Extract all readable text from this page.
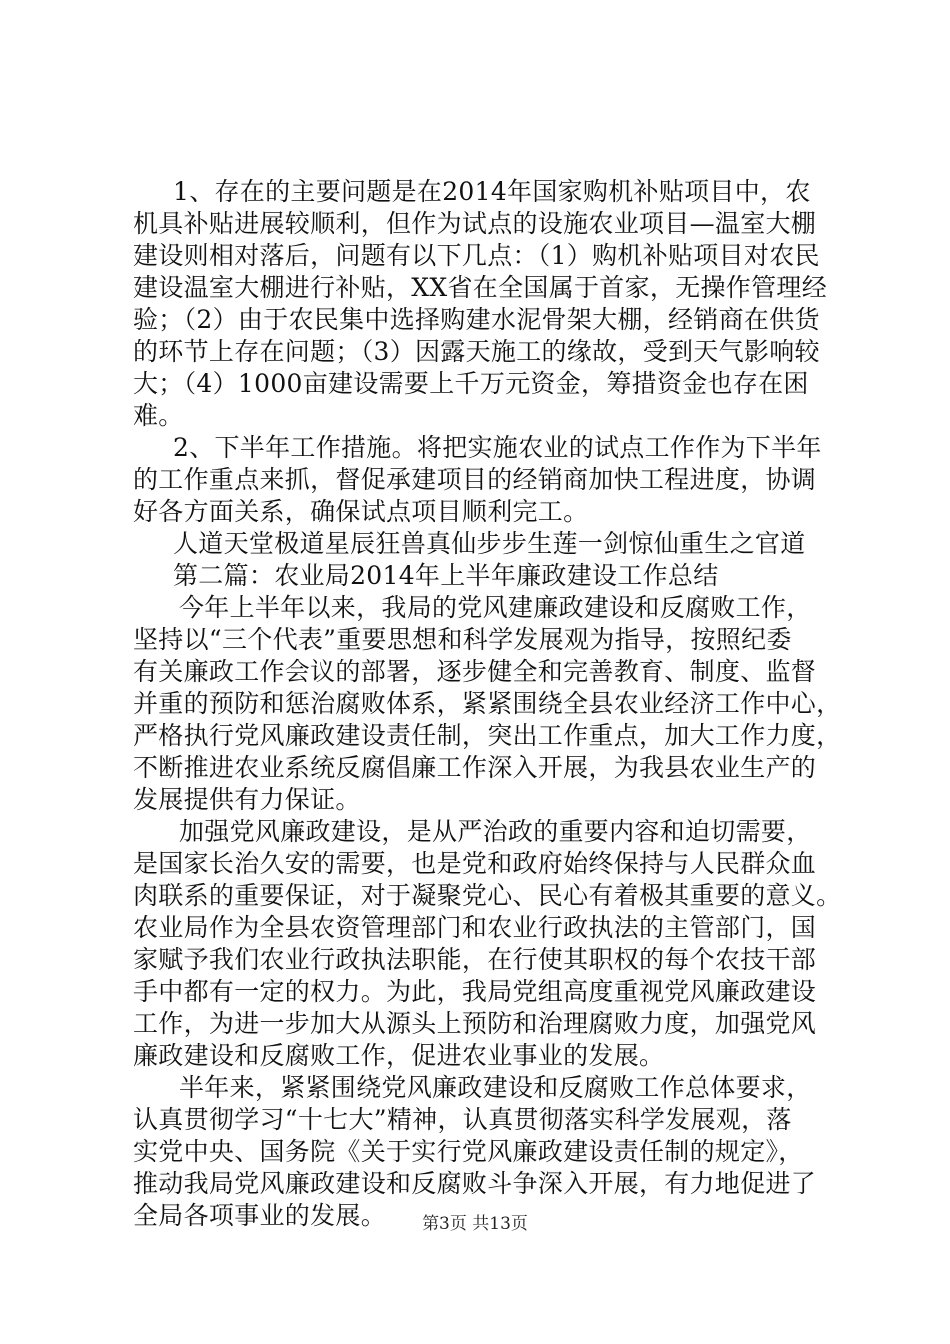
1、存在的主要问题是在2014年国家购机补贴项目中，农
机具补贴进展较顺利，但作为试点的设施农业项目—温室大棚
建设则相对落后，问题有以下几点：（1）购机补贴项目对农民
建设温室大棚进行补贴，XX省在全国属于首家，无操作管理经
验；（2）由于农民集中选择购建水泥骨架大棚，经销商在供货
的环节上存在问题；（3）因露天施工的缘故，受到天气影响较
大；（4）1000亩建设需要上千万元资金，筹措资金也存在困
难。
2、下半年工作措施。将把实施农业的试点工作作为下半年
的工作重点来抓，督促承建项目的经销商加快工程进度，协调
好各方面关系，确保试点项目顺利完工。
人道天堂极道星辰狂兽真仙步步生莲一剑惊仙重生之官道
第二篇：农业局2014年上半年廉政建设工作总结
今年上半年以来，我局的党风建廉政建设和反腐败工作，
坚持以“三个代表”重要思想和科学发展观为指导，按照纪委
有关廉政工作会议的部署，逐步健全和完善教育、制度、监督
并重的预防和惩治腐败体系，紧紧围绕全县农业经济工作中心，
严格执行党风廉政建设责任制，突出工作重点，加大工作力度，
不断推进农业系统反腐倡廉工作深入开展，为我县农业生产的
发展提供有力保证。
加强党风廉政建设，是从严治政的重要内容和迫切需要，
是国家长治久安的需要，也是党和政府始终保持与人民群众血
肉联系的重要保证，对于凝聚党心、民心有着极其重要的意义。
农业局作为全县农资管理部门和农业行政执法的主管部门，国
家赋予我们农业行政执法职能，在行使其职权的每个农技干部
手中都有一定的权力。为此，我局党组高度重视党风廉政建设
工作，为进一步加大从源头上预防和治理腐败力度，加强党风
廉政建设和反腐败工作，促进农业事业的发展。
半年来，紧紧围绕党风廉政建设和反腐败工作总体要求，
认真贯彻学习“十七大”精神，认真贯彻落实科学发展观，落
实党中央、国务院《关于实行党风廉政建设责任制的规定》，
推动我局党风廉政建设和反腐败斗争深入开展，有力地促进了
全局各项事业的发展。	第3页 共13页
